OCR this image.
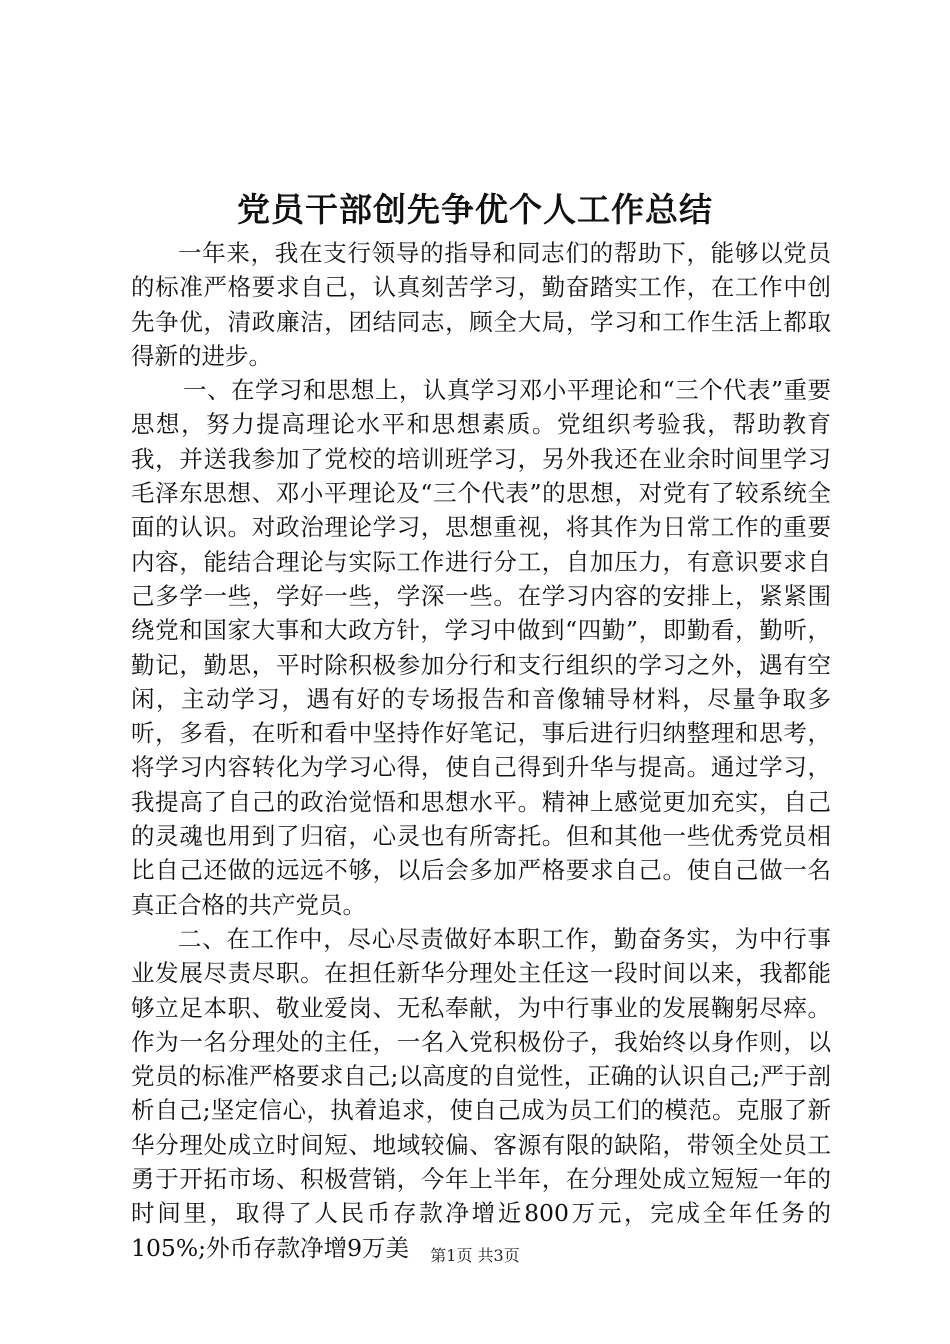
党员干部创先争优个人工作总结

一年来，我在支行领导的指导和同志们的帮助下，能够以党员的标准严格要求自己，认真刻苦学习，勤奋踏实工作，在工作中创先争优，清政廉洁，团结同志，顾全大局，学习和工作生活上都取得新的进步。

一、在学习和思想上，认真学习邓小平理论和“三个代表”重要思想，努力提高理论水平和思想素质。党组织考验我，帮助教育我，并送我参加了党校的培训班学习，另外我还在业余时间里学习毛泽东思想、邓小平理论及“三个代表”的思想，对党有了较系统全面的认识。对政治理论学习，思想重视，将其作为日常工作的重要内容，能结合理论与实际工作进行分工，自加压力，有意识要求自己多学一些，学好一些，学深一些。在学习内容的安排上，紧紧围绕党和国家大事和大政方针，学习中做到“四勤”，即勤看，勤听，勤记，勤思，平时除积极参加分行和支行组织的学习之外，遇有空闲，主动学习，遇有好的专场报告和音像辅导材料，尽量争取多听，多看，在听和看中坚持作好笔记，事后进行归纳整理和思考，将学习内容转化为学习心得，使自己得到升华与提高。通过学习，我提高了自己的政治觉悟和思想水平。精神上感觉更加充实，自己的灵魂也用到了归宿，心灵也有所寄托。但和其他一些优秀党员相比自己还做的远远不够，以后会多加严格要求自己。使自己做一名真正合格的共产党员。

二、在工作中，尽心尽责做好本职工作，勤奋务实，为中行事业发展尽责尽职。在担任新华分理处主任这一段时间以来，我都能够立足本职、敬业爱岗、无私奉献，为中行事业的发展鞠躬尽瘁。作为一名分理处的主任，一名入党积极份子，我始终以身作则，以党员的标准严格要求自己;以高度的自觉性，正确的认识自己;严于剖析自己;坚定信心，执着追求，使自己成为员工们的模范。克服了新华分理处成立时间短、地域较偏、客源有限的缺陷，带领全处员工勇于开拓市场、积极营销，今年上半年，在分理处成立短短一年的时间里，取得了人民币存款净增近800万元，完成全年任务的105%;外币存款净增9万美	第1页 共3页
